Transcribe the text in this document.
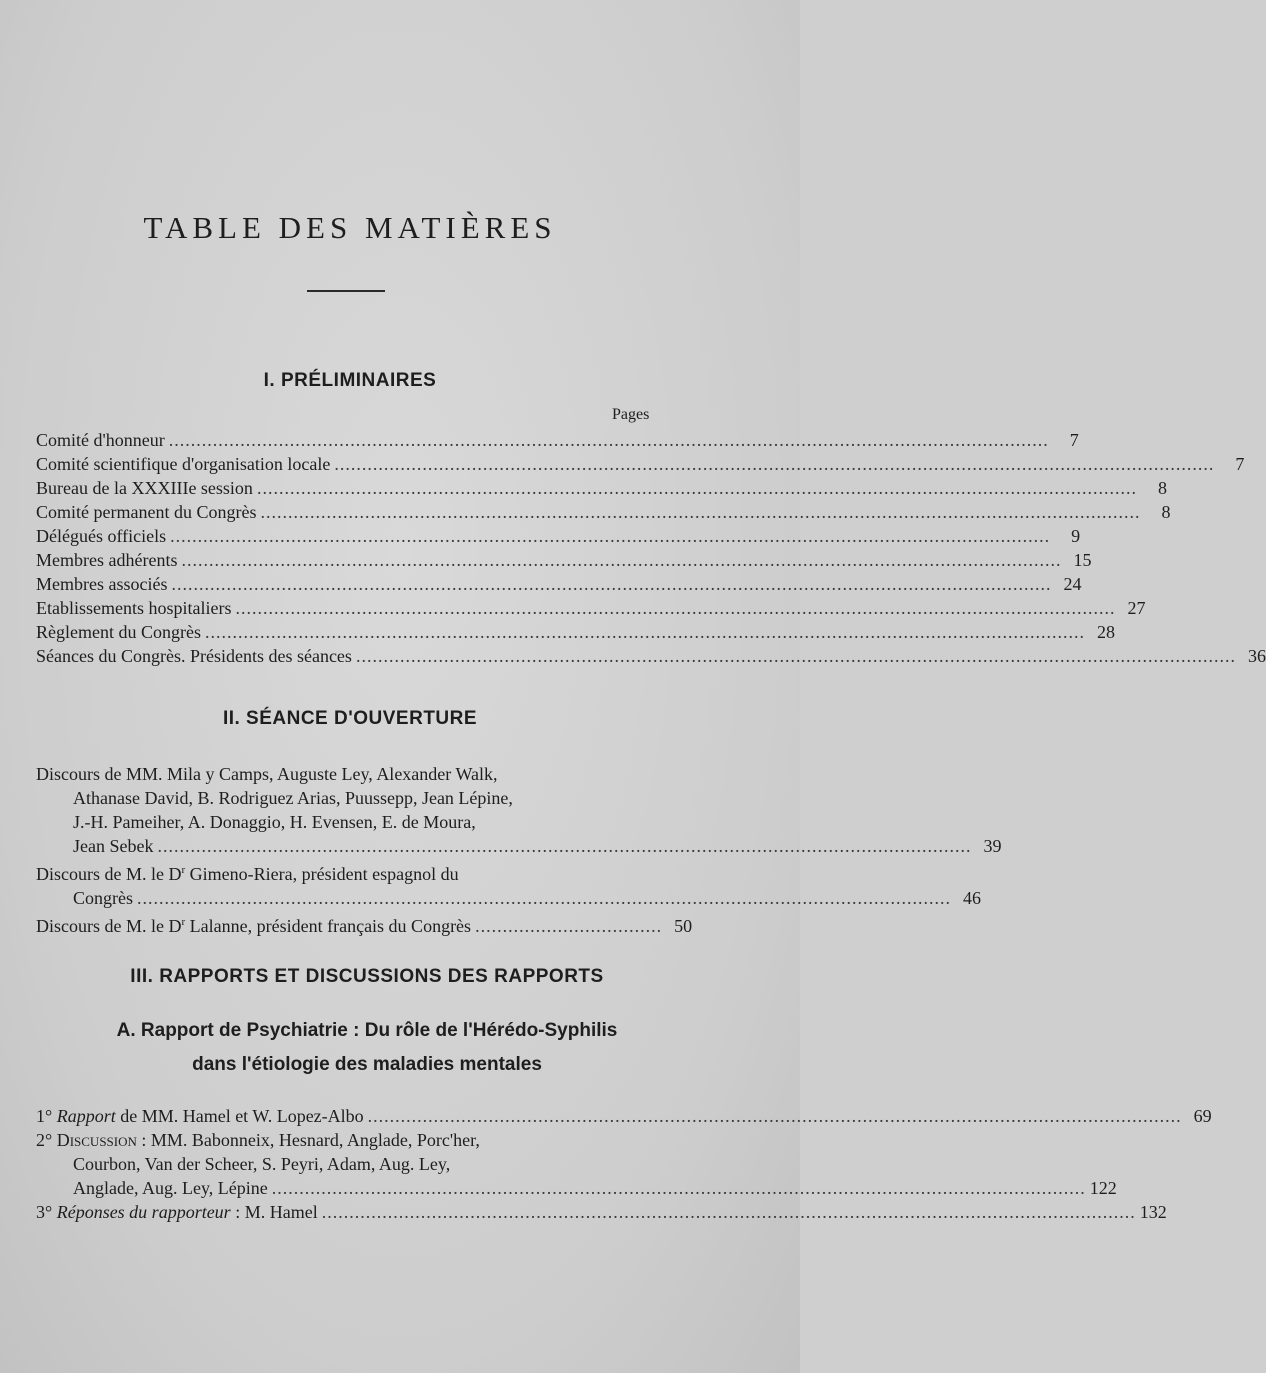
TABLE DES MATIÈRES
I. PRÉLIMINAIRES
Pages
Comité d'honneur ................................................................................................................................................................	7
Comité scientifique d'organisation locale ................................................................................................................................................................	7
Bureau de la XXXIIIe session ................................................................................................................................................................	8
Comité permanent du Congrès ................................................................................................................................................................	8
Délégués officiels ................................................................................................................................................................	9
Membres adhérents ................................................................................................................................................................ 15
Membres associés ................................................................................................................................................................ 24
Etablissements hospitaliers ................................................................................................................................................................ 27
Règlement du Congrès ................................................................................................................................................................ 28
Séances du Congrès. Présidents des séances ................................................................................................................................................................ 36
II. SÉANCE D'OUVERTURE
Discours de MM. Mila y Camps, Auguste Ley, Alexander Walk,
Athanase David, B. Rodriguez Arias, Puussepp, Jean Lépine,
J.-H. Pameiher, A. Donaggio, H. Evensen, E. de Moura,
Jean Sebek .................................................................................................................................................... 39
Discours de M. le $D^r$ Gimeno-Riera, président espagnol du
Congrès .................................................................................................................................................... 46
Discours de M. le $D^r$ Lalanne, président français du Congrès .................................. 50
III. RAPPORTS ET DISCUSSIONS DES RAPPORTS
A. Rapport de Psychiatrie : Du rôle de l'Hérédo-Syphilis
dans l'étiologie des maladies mentales
1° Rapport de MM. Hamel et W. Lopez-Albo .................................................................................................................................................... 69
2° Discussion : MM. Babonneix, Hesnard, Anglade, Porc'her,
Courbon, Van der Scheer, S. Peyri, Adam, Aug. Ley,
Anglade, Aug. Ley, Lépine .................................................................................................................................................... 122
3° Réponses du rapporteur : M. Hamel .................................................................................................................................................... 132
